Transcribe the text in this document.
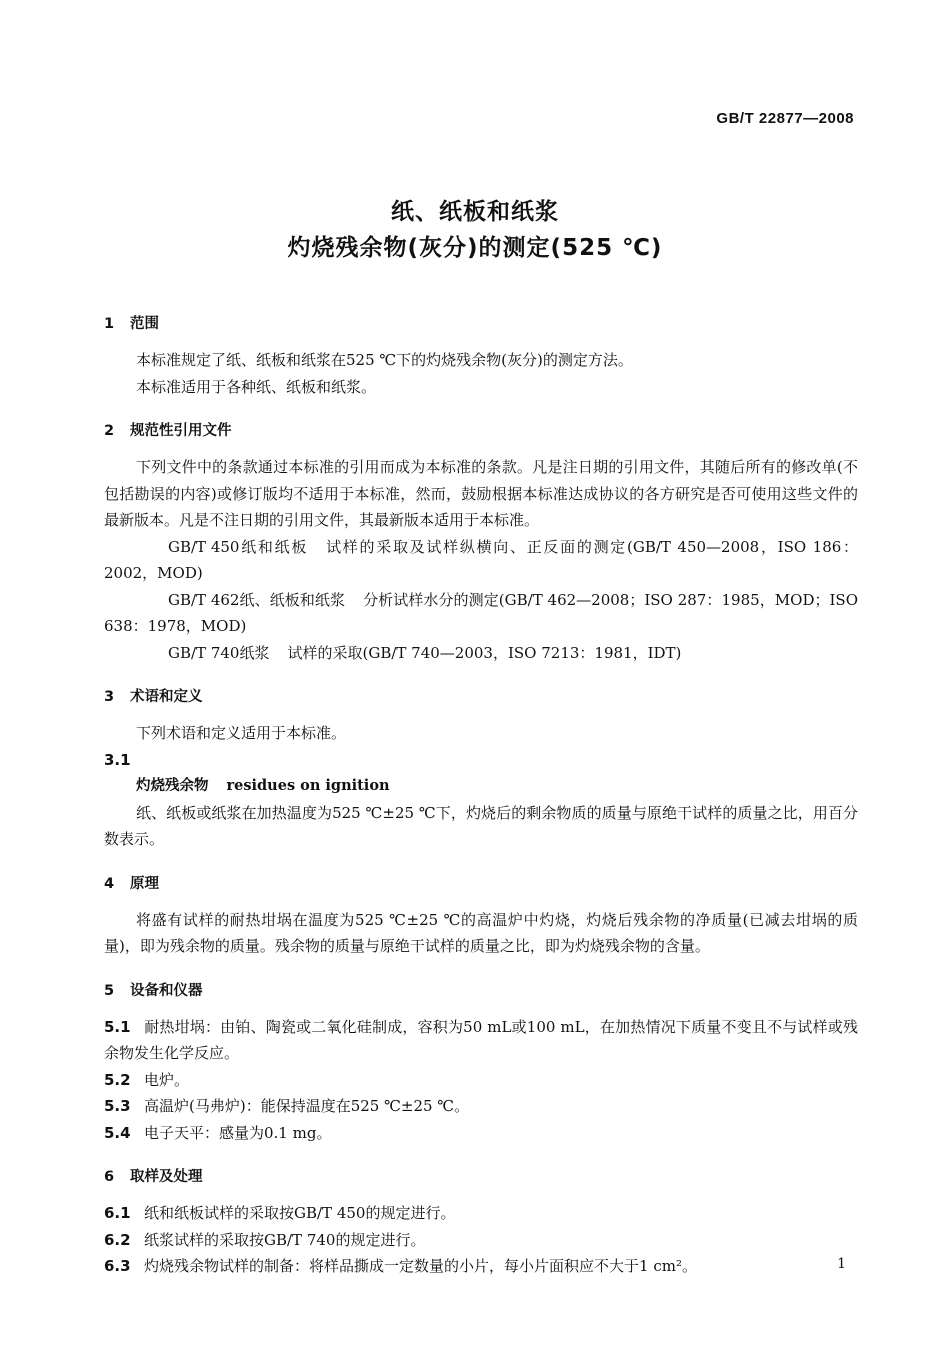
GB/T 22877—2008
纸、纸板和纸浆
灼烧残余物(灰分)的测定(525 ℃)
1 范围

本标准规定了纸、纸板和纸浆在525 ℃下的灼烧残余物(灰分)的测定方法。

本标准适用于各种纸、纸板和纸浆。

2 规范性引用文件

下列文件中的条款通过本标准的引用而成为本标准的条款。凡是注日期的引用文件，其随后所有的修改单(不包括勘误的内容)或修订版均不适用于本标准，然而，鼓励根据本标准达成协议的各方研究是否可使用这些文件的最新版本。凡是不注日期的引用文件，其最新版本适用于本标准。

GB/T 450纸和纸板 试样的采取及试样纵横向、正反面的测定(GB/T 450—2008，ISO 186：2002，MOD)

GB/T 462纸、纸板和纸浆 分析试样水分的测定(GB/T 462—2008；ISO 287：1985，MOD；ISO 638：1978，MOD)

GB/T 740纸浆 试样的采取(GB/T 740—2003，ISO 7213：1981，IDT)

3 术语和定义

下列术语和定义适用于本标准。

3.1

灼烧残余物 residues on ignition

纸、纸板或纸浆在加热温度为525 ℃±25 ℃下，灼烧后的剩余物质的质量与原绝干试样的质量之比，用百分数表示。

4 原理

将盛有试样的耐热坩埚在温度为525 ℃±25 ℃的高温炉中灼烧，灼烧后残余物的净质量(已减去坩埚的质量)，即为残余物的质量。残余物的质量与原绝干试样的质量之比，即为灼烧残余物的含量。

5 设备和仪器

5.1 耐热坩埚：由铂、陶瓷或二氧化硅制成，容积为50 mL或100 mL，在加热情况下质量不变且不与试样或残余物发生化学反应。

5.2 电炉。

5.3 高温炉(马弗炉)：能保持温度在525 ℃±25 ℃。

5.4 电子天平：感量为0.1 mg。

6 取样及处理

6.1 纸和纸板试样的采取按GB/T 450的规定进行。

6.2 纸浆试样的采取按GB/T 740的规定进行。

6.3 灼烧残余物试样的制备：将样品撕成一定数量的小片，每小片面积应不大于1 cm²。	1
